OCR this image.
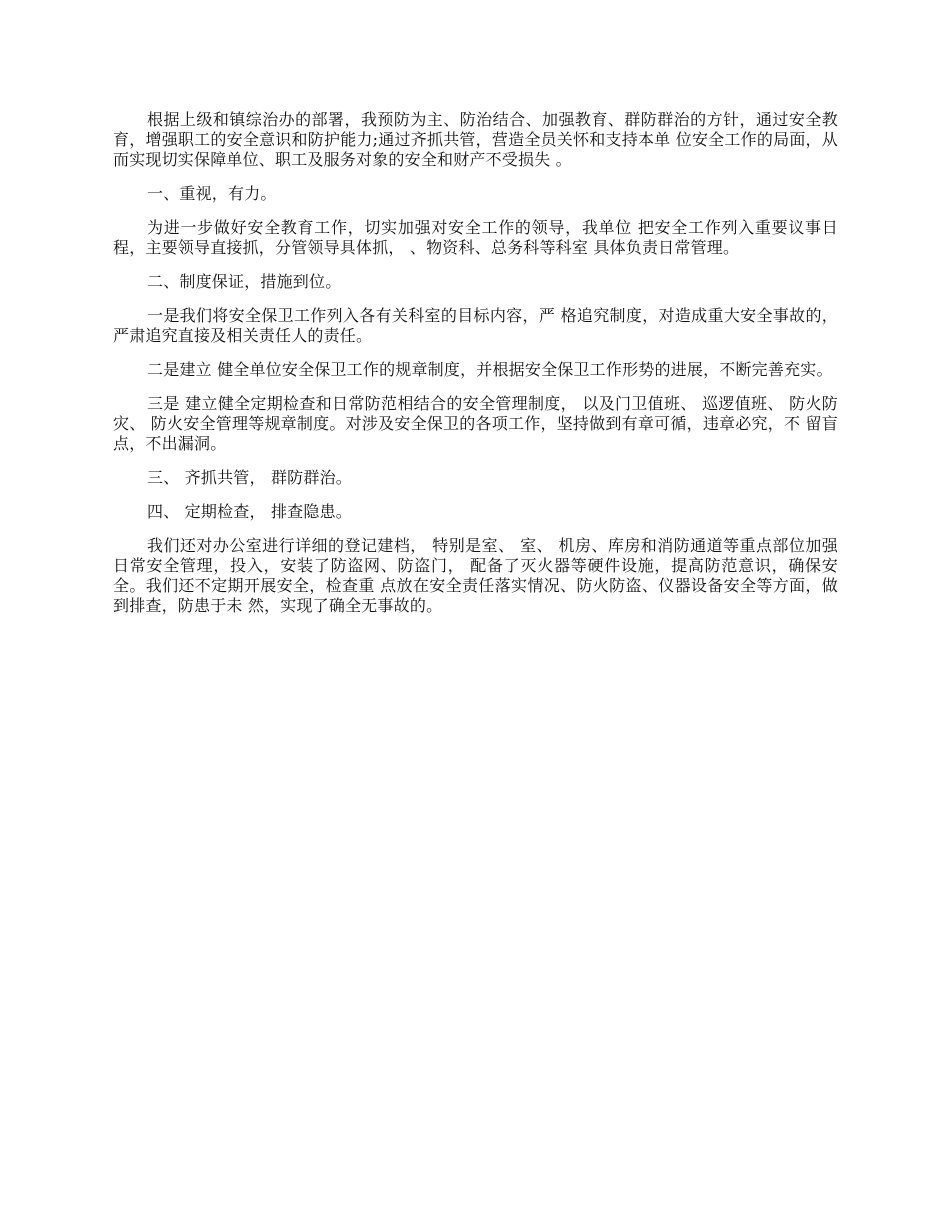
根据上级和镇综治办的部署，我预防为主、防治结合、加强教育、群防群治的方针，通过安全教育，增强职工的安全意识和防护能力;通过齐抓共管，营造全员关怀和支持本单 位安全工作的局面，从而实现切实保障单位、职工及服务对象的安全和财产不受损失 。

一、重视，有力。

为进一步做好安全教育工作，切实加强对安全工作的领导，我单位 把安全工作列入重要议事日程，主要领导直接抓，分管领导具体抓， 、物资科、总务科等科室 具体负责日常管理。

二、制度保证，措施到位。

一是我们将安全保卫工作列入各有关科室的目标内容，严 格追究制度，对造成重大安全事故的，严肃追究直接及相关责任人的责任。

二是建立 健全单位安全保卫工作的规章制度，并根据安全保卫工作形势的进展，不断完善充实。

三是 建立健全定期检查和日常防范相结合的安全管理制度， 以及门卫值班、 巡逻值班、 防火防灾、 防火安全管理等规章制度。对涉及安全保卫的各项工作，坚持做到有章可循，违章必究，不 留盲点，不出漏洞。

三、 齐抓共管， 群防群治。

四、 定期检查， 排查隐患。

我们还对办公室进行详细的登记建档， 特别是室、 室、 机房、库房和消防通道等重点部位加强日常安全管理，投入，安装了防盗网、防盗门， 配备了灭火器等硬件设施，提高防范意识，确保安全。我们还不定期开展安全，检查重 点放在安全责任落实情况、防火防盗、仪器设备安全等方面，做到排查，防患于未 然，实现了确全无事故的。
